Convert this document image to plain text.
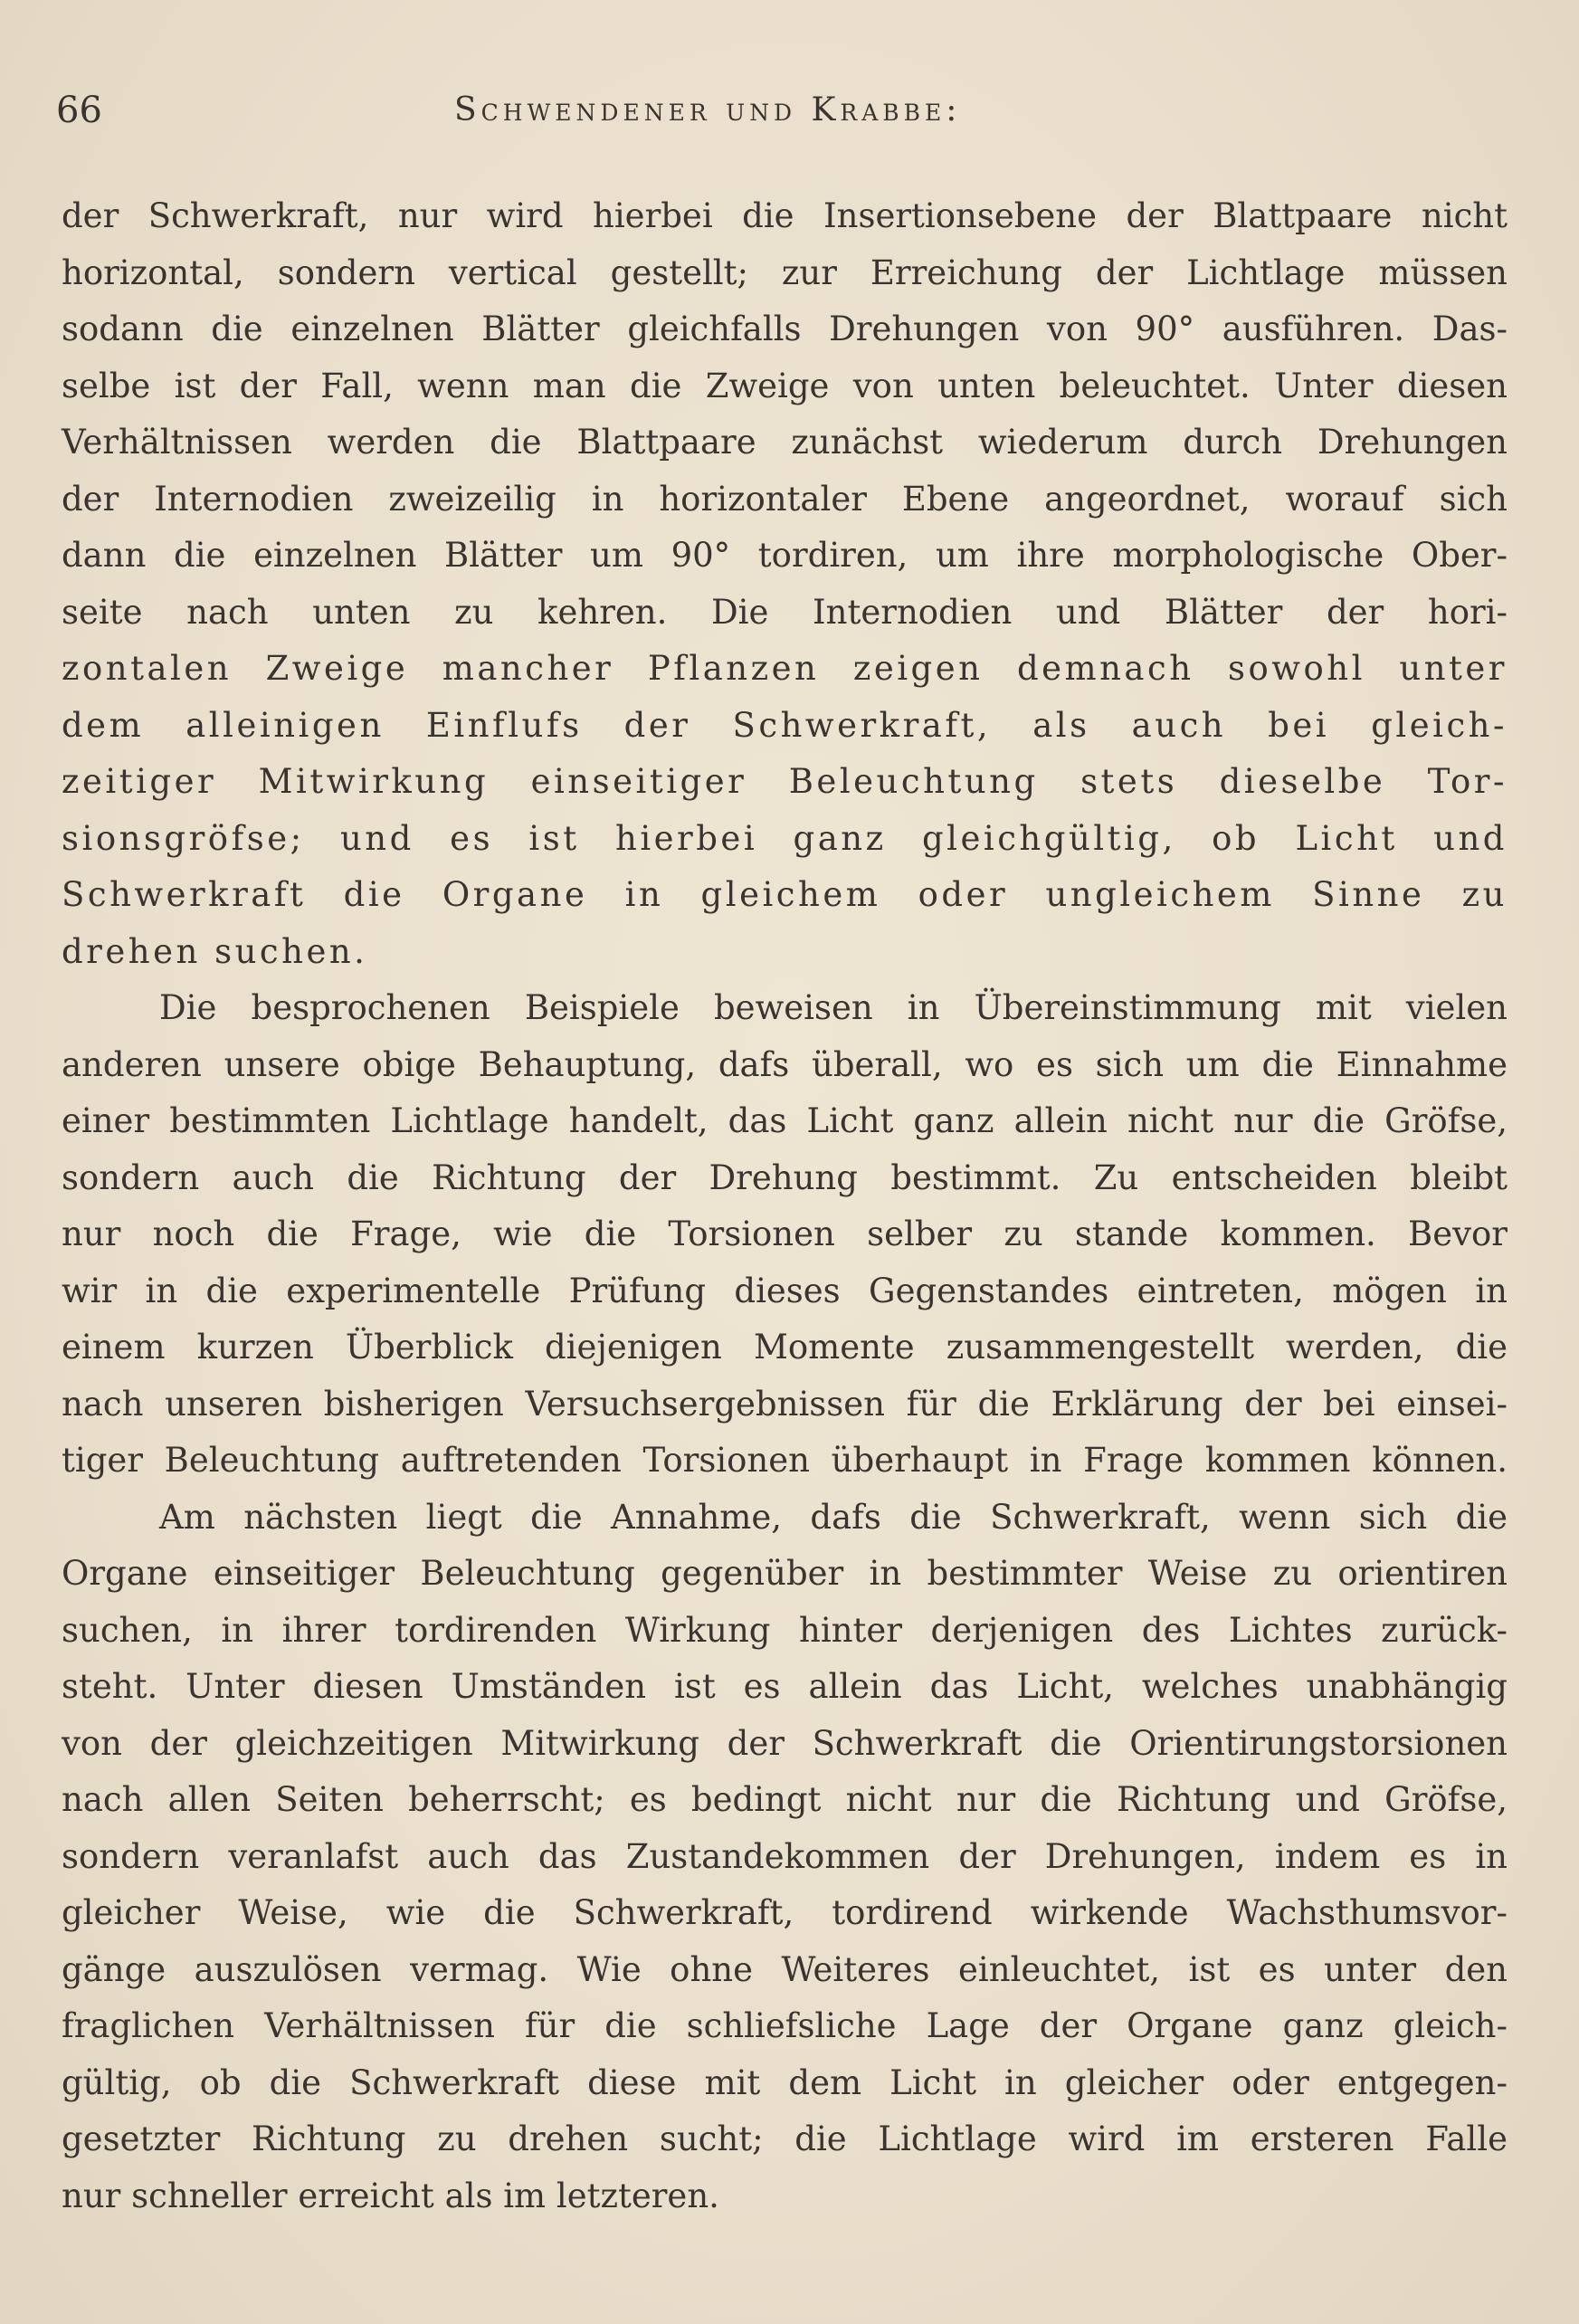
66	Schwendener und Krabbe:
der Schwerkraft, nur wird hierbei die Insertionsebene der Blattpaare nicht
horizontal, sondern vertical gestellt; zur Erreichung der Lichtlage müssen
sodann die einzelnen Blätter gleichfalls Drehungen von 90° ausführen. Das-
selbe ist der Fall, wenn man die Zweige von unten beleuchtet. Unter diesen
Verhältnissen werden die Blattpaare zunächst wiederum durch Drehungen
der Internodien zweizeilig in horizontaler Ebene angeordnet, worauf sich
dann die einzelnen Blätter um 90° tordiren, um ihre morphologische Ober-
seite nach unten zu kehren. Die Internodien und Blätter der hori-
zontalen Zweige mancher Pflanzen zeigen demnach sowohl unter
dem alleinigen Einflufs der Schwerkraft, als auch bei gleich-
zeitiger Mitwirkung einseitiger Beleuchtung stets dieselbe Tor-
sionsgröfse; und es ist hierbei ganz gleichgültig, ob Licht und
Schwerkraft die Organe in gleichem oder ungleichem Sinne zu
drehen suchen.
Die besprochenen Beispiele beweisen in Übereinstimmung mit vielen
anderen unsere obige Behauptung, dafs überall, wo es sich um die Einnahme
einer bestimmten Lichtlage handelt, das Licht ganz allein nicht nur die Gröfse,
sondern auch die Richtung der Drehung bestimmt. Zu entscheiden bleibt
nur noch die Frage, wie die Torsionen selber zu stande kommen. Bevor
wir in die experimentelle Prüfung dieses Gegenstandes eintreten, mögen in
einem kurzen Überblick diejenigen Momente zusammengestellt werden, die
nach unseren bisherigen Versuchsergebnissen für die Erklärung der bei einsei-
tiger Beleuchtung auftretenden Torsionen überhaupt in Frage kommen können.
Am nächsten liegt die Annahme, dafs die Schwerkraft, wenn sich die
Organe einseitiger Beleuchtung gegenüber in bestimmter Weise zu orientiren
suchen, in ihrer tordirenden Wirkung hinter derjenigen des Lichtes zurück-
steht. Unter diesen Umständen ist es allein das Licht, welches unabhängig
von der gleichzeitigen Mitwirkung der Schwerkraft die Orientirungstorsionen
nach allen Seiten beherrscht; es bedingt nicht nur die Richtung und Gröfse,
sondern veranlafst auch das Zustandekommen der Drehungen, indem es in
gleicher Weise, wie die Schwerkraft, tordirend wirkende Wachsthumsvor-
gänge auszulösen vermag. Wie ohne Weiteres einleuchtet, ist es unter den
fraglichen Verhältnissen für die schliefsliche Lage der Organe ganz gleich-
gültig, ob die Schwerkraft diese mit dem Licht in gleicher oder entgegen-
gesetzter Richtung zu drehen sucht; die Lichtlage wird im ersteren Falle
nur schneller erreicht als im letzteren.
